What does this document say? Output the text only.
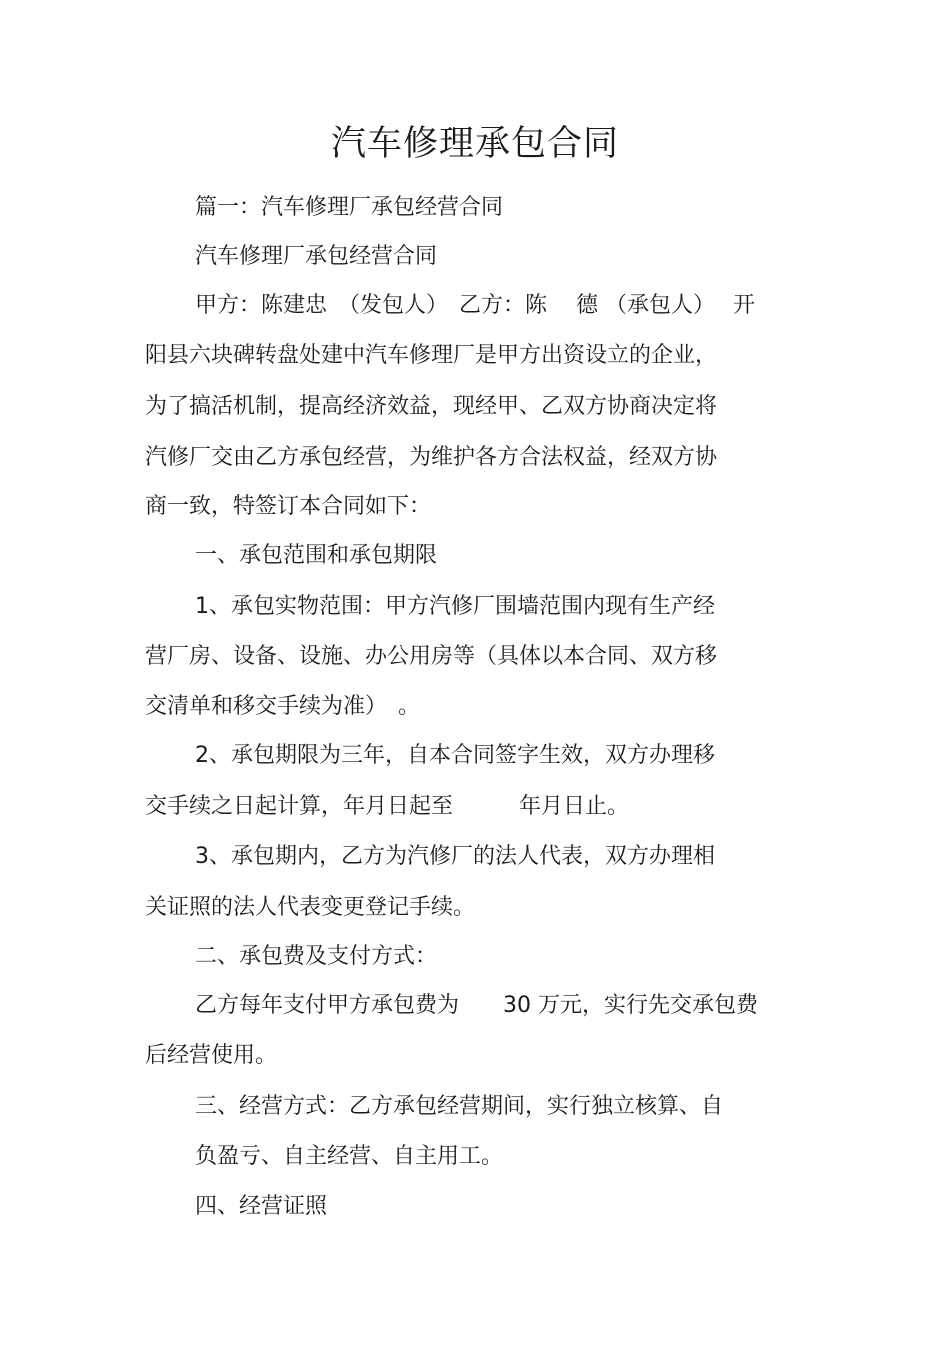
汽车修理承包合同
篇一：汽车修理厂承包经营合同
汽车修理厂承包经营合同
甲方：陈建忠　（发包人）　乙方：陈　 德 （承包人）　 开
阳县六块碑转盘处建中汽车修理厂是甲方出资设立的企业，
为了搞活机制，提高经济效益，现经甲、乙双方协商决定将
汽修厂交由乙方承包经营，为维护各方合法权益，经双方协
商一致，特签订本合同如下：
一、承包范围和承包期限
1、承包实物范围：甲方汽修厂围墙范围内现有生产经
营厂房、设备、设施、办公用房等（具体以本合同、双方移
交清单和移交手续为准）　。
2、承包期限为三年，自本合同签字生效，双方办理移
交手续之日起计算，年月日起至　　　年月日止。
3、承包期内，乙方为汽修厂的法人代表，双方办理相
关证照的法人代表变更登记手续。
二、承包费及支付方式：
乙方每年支付甲方承包费为　　30 万元，实行先交承包费
后经营使用。
三、经营方式：乙方承包经营期间，实行独立核算、自
负盈亏、自主经营、自主用工。
四、经营证照
